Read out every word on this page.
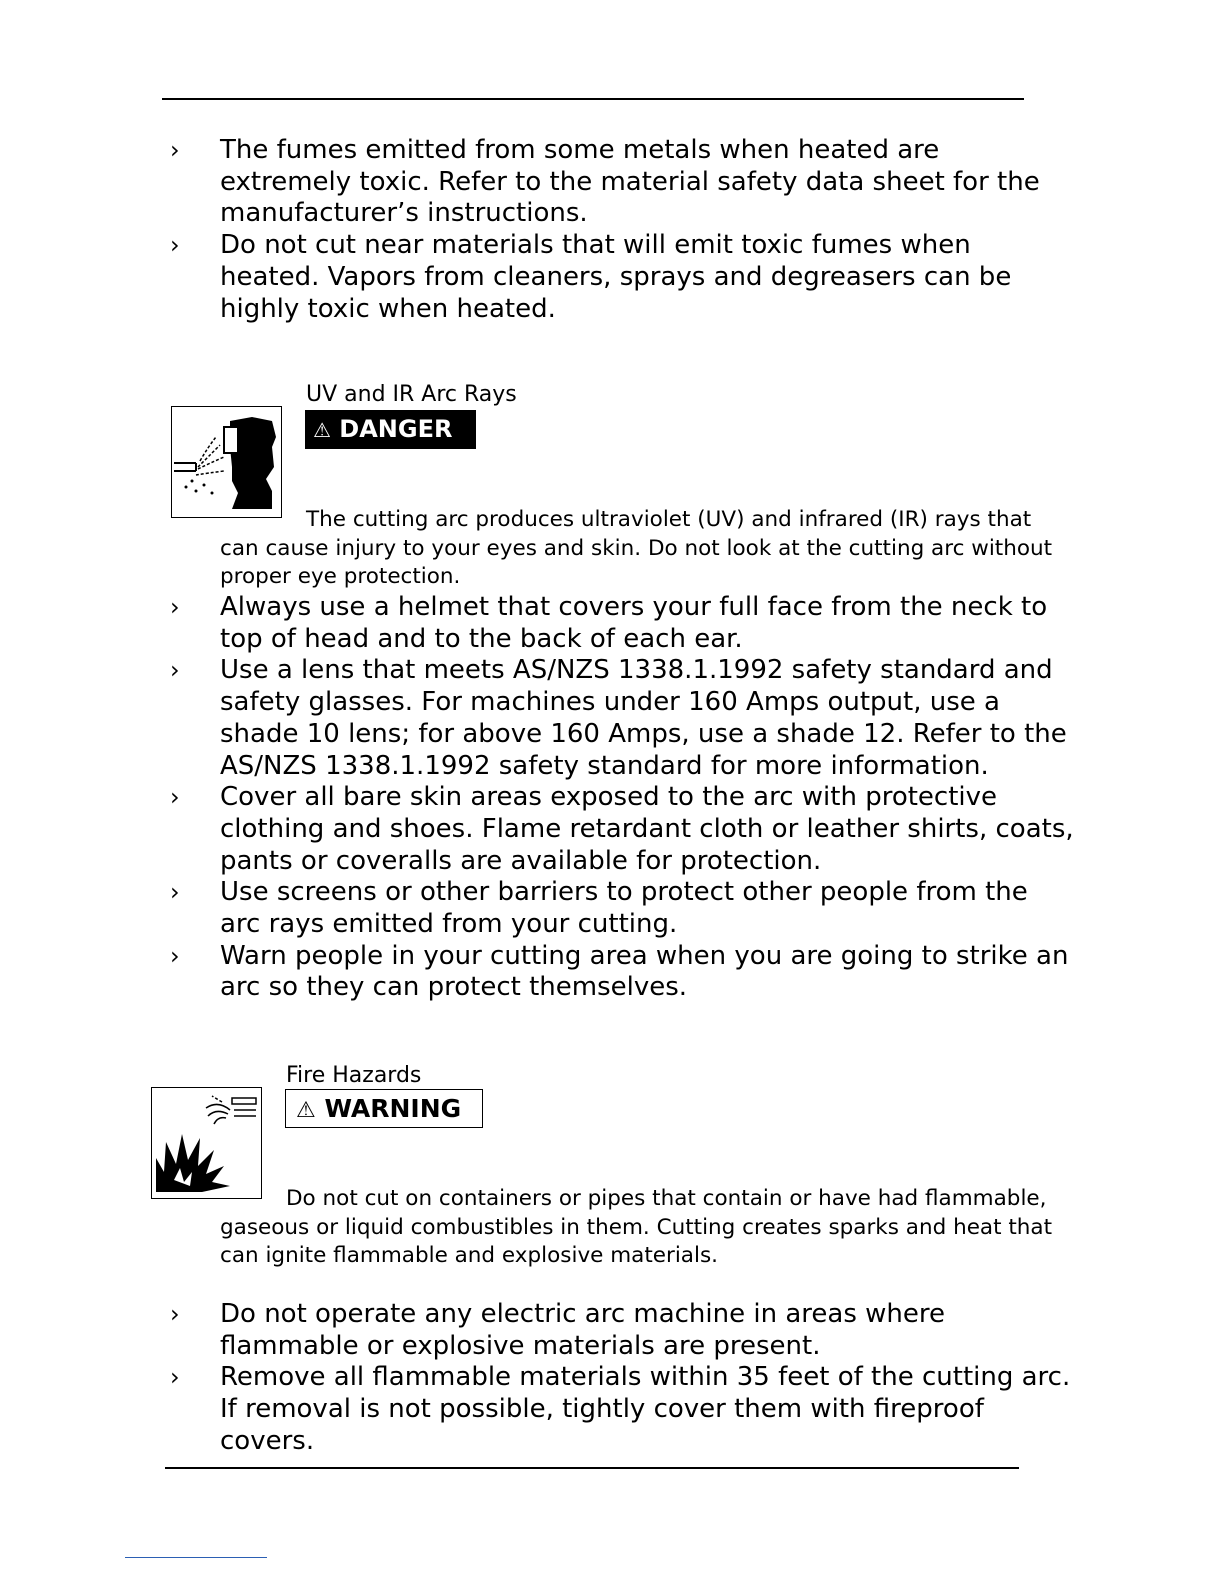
› The fumes emitted from some metals when heated are extremely toxic. Refer to the material safety data sheet for the manufacturer’s instructions.
› Do not cut near materials that will emit toxic fumes when heated. Vapors from cleaners, sprays and degreasers can be highly toxic when heated.
UV and IR Arc Rays
⚠ DANGER

The cutting arc produces ultraviolet (UV) and infrared (IR) rays that can cause injury to your eyes and skin. Do not look at the cutting arc without proper eye protection.

› Always use a helmet that covers your full face from the neck to top of head and to the back of each ear.
› Use a lens that meets AS/NZS 1338.1.1992 safety standard and safety glasses. For machines under 160 Amps output, use a shade 10 lens; for above 160 Amps, use a shade 12. Refer to the AS/NZS 1338.1.1992 safety standard for more information.
› Cover all bare skin areas exposed to the arc with protective clothing and shoes. Flame retardant cloth or leather shirts, coats, pants or coveralls are available for protection.
› Use screens or other barriers to protect other people from the arc rays emitted from your cutting.
› Warn people in your cutting area when you are going to strike an arc so they can protect themselves.
Fire Hazards
⚠ WARNING

Do not cut on containers or pipes that contain or have had flammable, gaseous or liquid combustibles in them. Cutting creates sparks and heat that can ignite flammable and explosive materials.

› Do not operate any electric arc machine in areas where flammable or explosive materials are present.
› Remove all flammable materials within 35 feet of the cutting arc. If removal is not possible, tightly cover them with fireproof covers.
